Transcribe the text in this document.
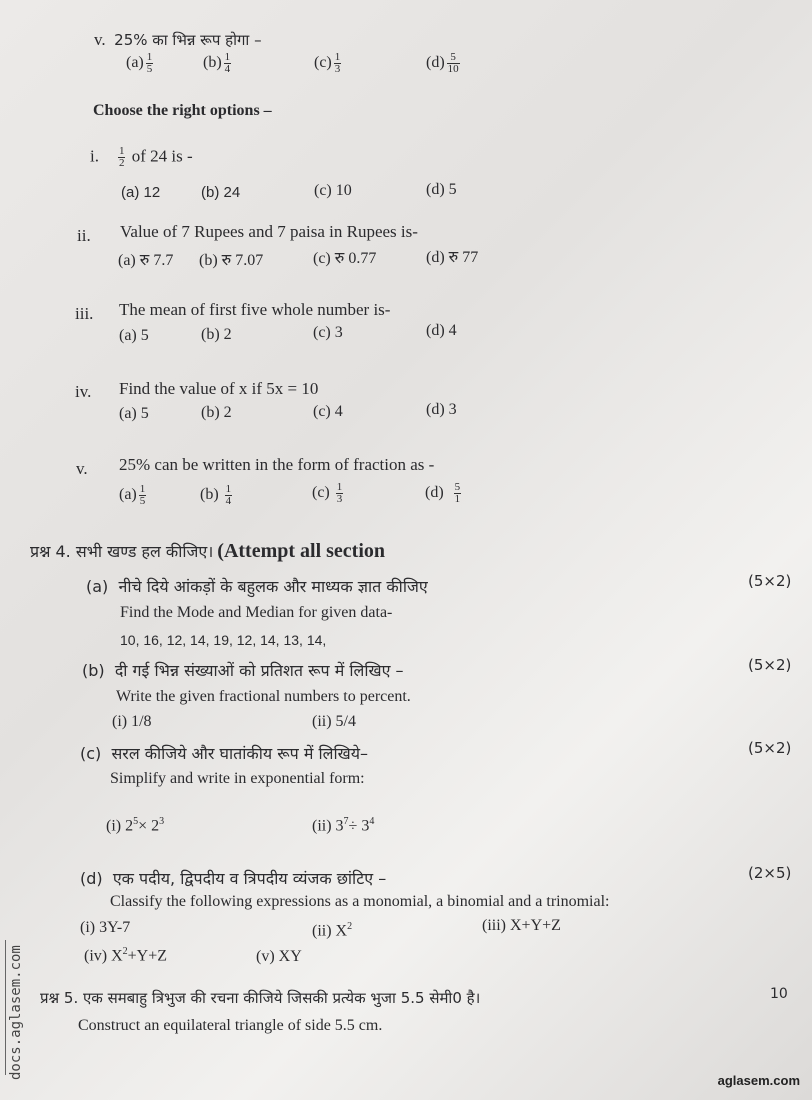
v. 25% का भिन्न रूप होगा –
$(a) \frac{1}{5}$	$(b) \frac{1}{4}$	$(c) \frac{1}{3}$	$(d) \frac{5}{10}$
Choose the right options –
i. $\frac{1}{2}$ of 24 is -
(a) 12	(b) 24	(c) 10	(d) 5
ii. Value of 7 Rupees and 7 paisa in Rupees is-
(a) रु 7.7 (b) रु 7.07	(c) रु 0.77	(d) रु 77
iii. The mean of first five whole number is-
(a) 5	(b) 2	(c) 3	(d) 4
iv. Find the value of x if 5x = 10
(a) 5	(b) 2	(c) 4	(d) 3
v. 25% can be written in the form of fraction as -
$(a) \frac{1}{5}$	$(b) \frac{1}{4}$	$(c) \frac{1}{3}$	$(d) \frac{5}{1}$
प्रश्न 4. सभी खण्ड हल कीजिए। (Attempt all section
(a) नीचे दिये आंकड़ों के बहुलक और माध्यक ज्ञात कीजिए	(5×2)
Find the Mode and Median for given data-
10, 16, 12, 14, 19, 12, 14, 13, 14,
(b) दी गई भिन्न संख्याओं को प्रतिशत रूप में लिखिए –	(5×2)
Write the given fractional numbers to percent.
(i) 1/8	(ii) 5/4
(c) सरल कीजिये और घातांकीय रूप में लिखिये–	(5×2)
Simplify and write in exponential form:
(i) $2^5\times 2^3$	(ii) $3^7\div 3^4$
(d) एक पदीय, द्विपदीय व त्रिपदीय व्यंजक छांटिए –	(2×5)
Classify the following expressions as a monomial, a binomial and a trinomial:
(i) 3Y-7	(ii) $X^2$	(iii) X+Y+Z
(iv) $X^2+Y+Z$	(v) XY
प्रश्न 5. एक समबाहु त्रिभुज की रचना कीजिये जिसकी प्रत्येक भुजा 5.5 सेमी0 है।	10
Construct an equilateral triangle of side 5.5 cm.
docs.aglasem.com
aglasem.com
